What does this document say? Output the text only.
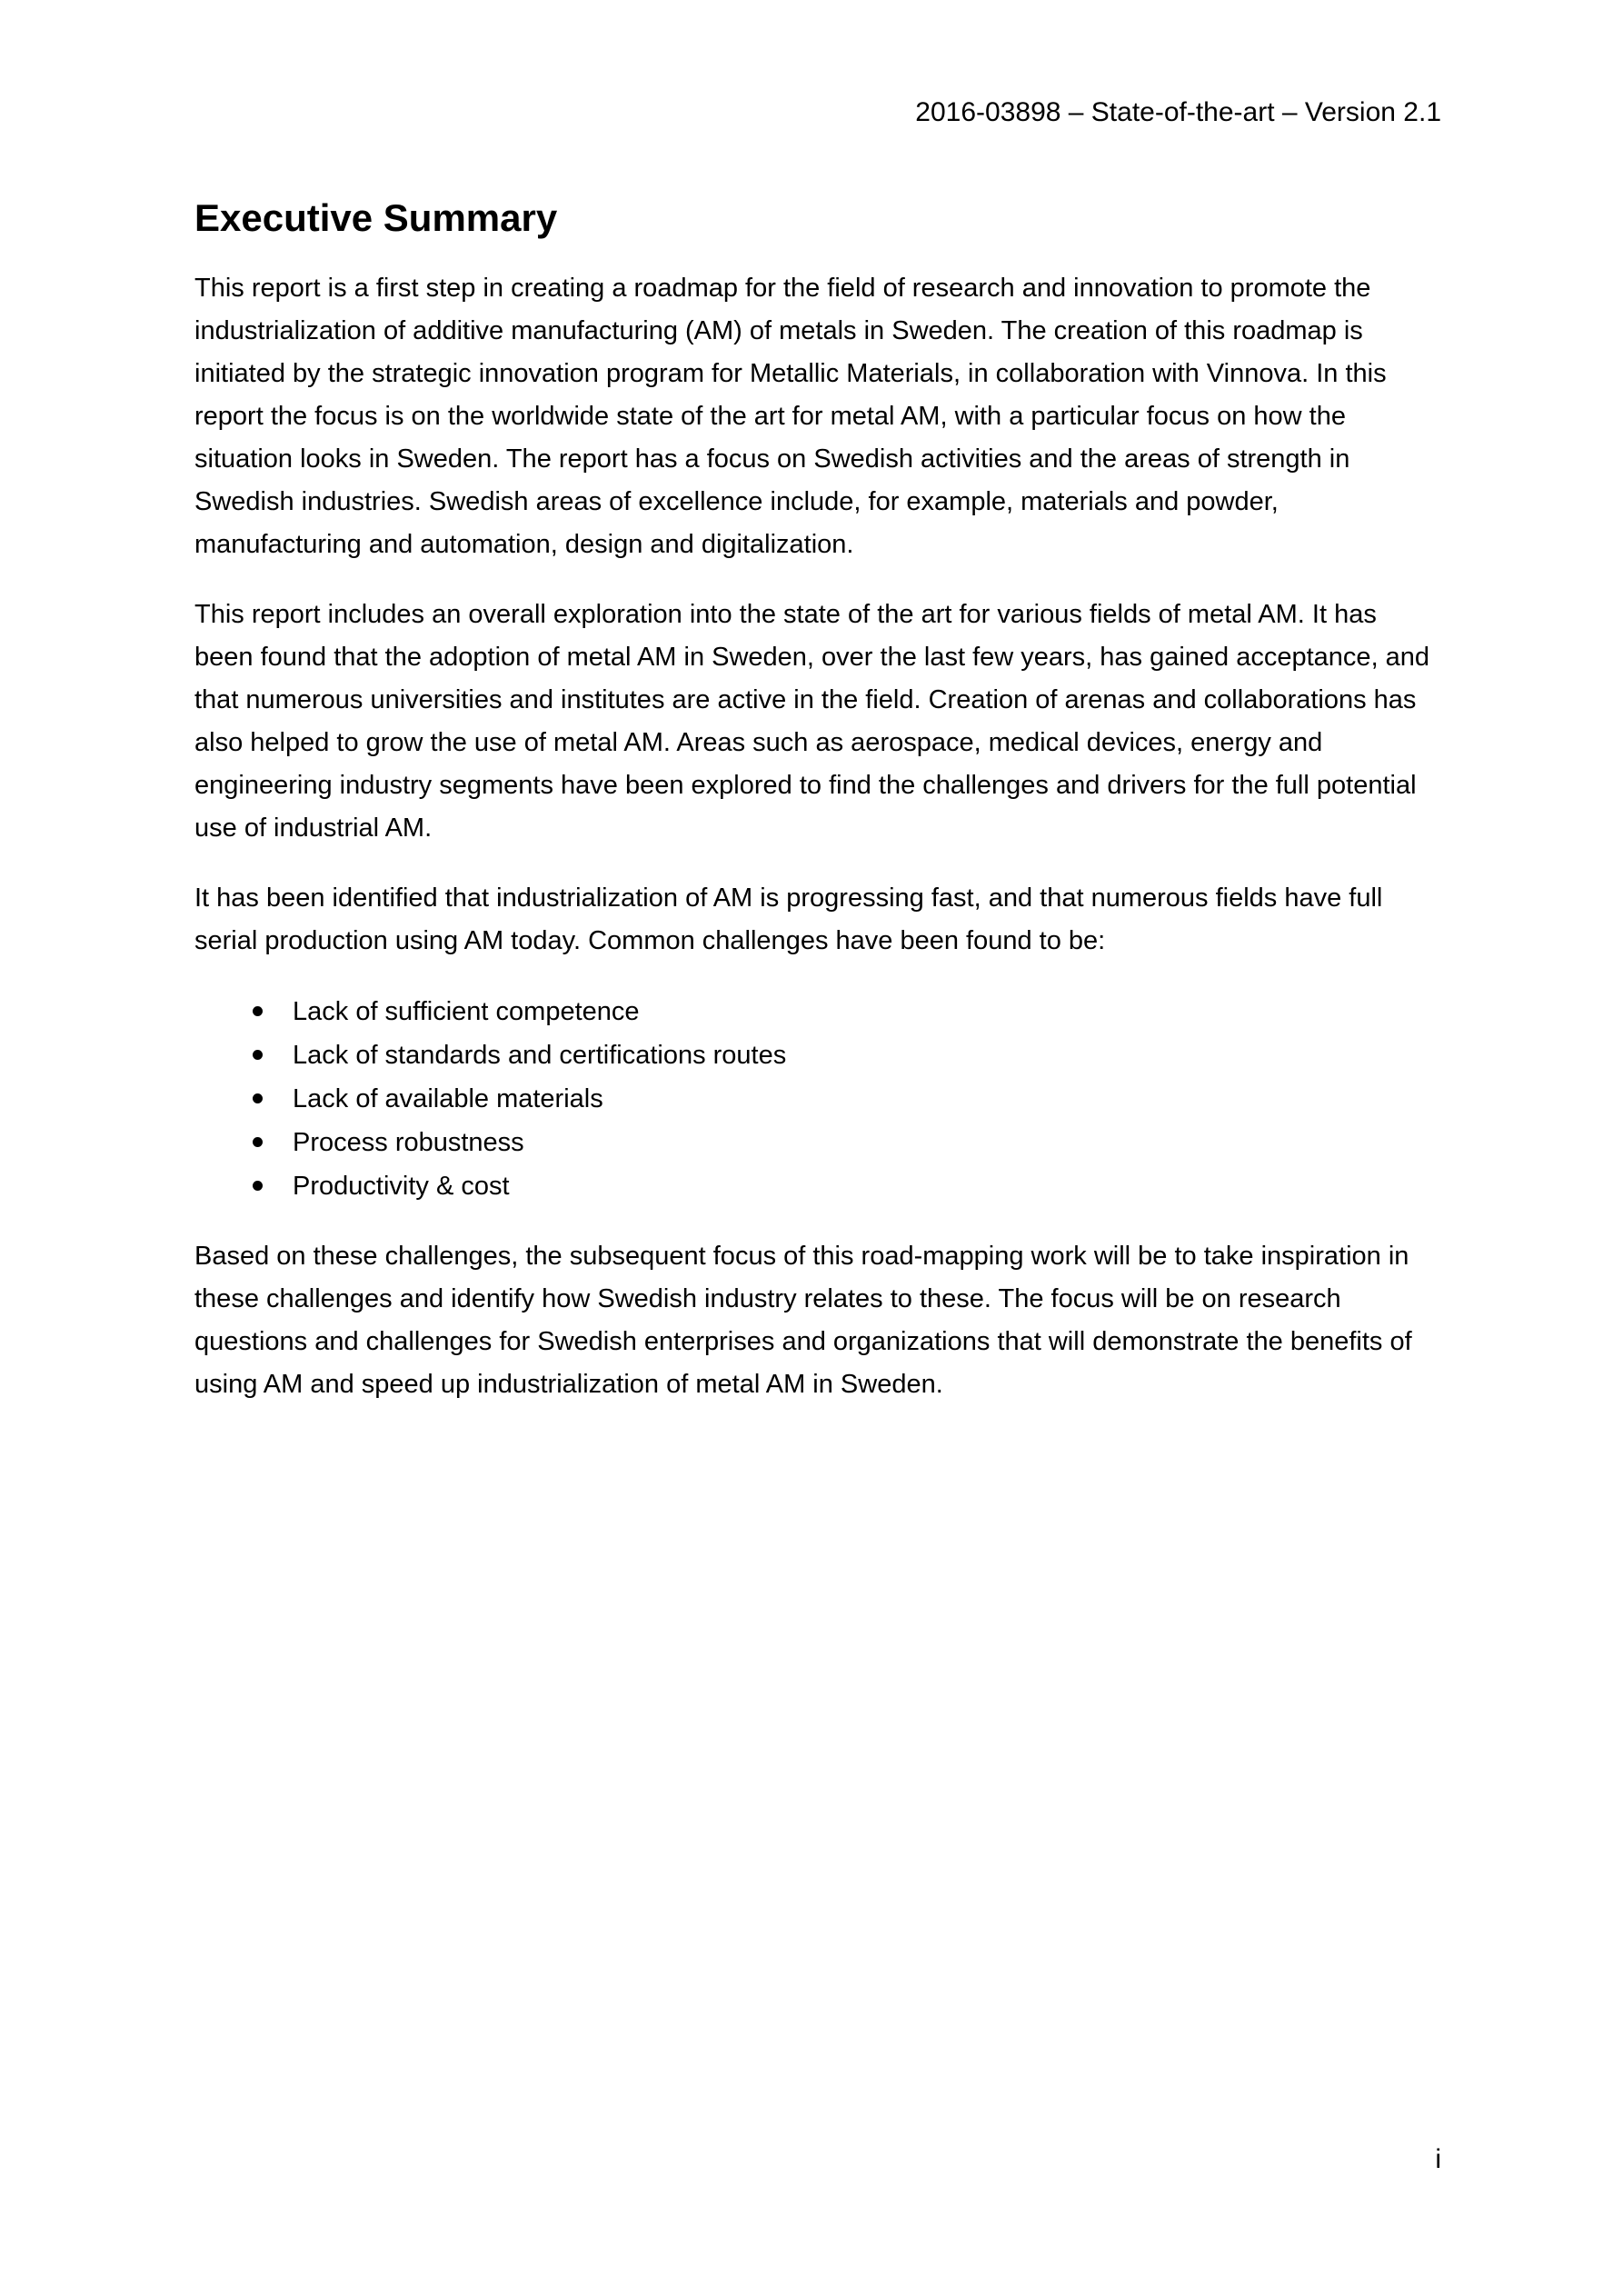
2016-03898 – State-of-the-art – Version 2.1
Executive Summary

This report is a first step in creating a roadmap for the field of research and innovation to promote the industrialization of additive manufacturing (AM) of metals in Sweden. The creation of this roadmap is initiated by the strategic innovation program for Metallic Materials, in collaboration with Vinnova. In this report the focus is on the worldwide state of the art for metal AM, with a particular focus on how the situation looks in Sweden. The report has a focus on Swedish activities and the areas of strength in Swedish industries. Swedish areas of excellence include, for example, materials and powder, manufacturing and automation, design and digitalization.

This report includes an overall exploration into the state of the art for various fields of metal AM. It has been found that the adoption of metal AM in Sweden, over the last few years, has gained acceptance, and that numerous universities and institutes are active in the field. Creation of arenas and collaborations has also helped to grow the use of metal AM. Areas such as aerospace, medical devices, energy and engineering industry segments have been explored to find the challenges and drivers for the full potential use of industrial AM.

It has been identified that industrialization of AM is progressing fast, and that numerous fields have full serial production using AM today. Common challenges have been found to be:

Lack of sufficient competence
Lack of standards and certifications routes
Lack of available materials
Process robustness
Productivity & cost

Based on these challenges, the subsequent focus of this road-mapping work will be to take inspiration in these challenges and identify how Swedish industry relates to these. The focus will be on research questions and challenges for Swedish enterprises and organizations that will demonstrate the benefits of using AM and speed up industrialization of metal AM in Sweden.

i
